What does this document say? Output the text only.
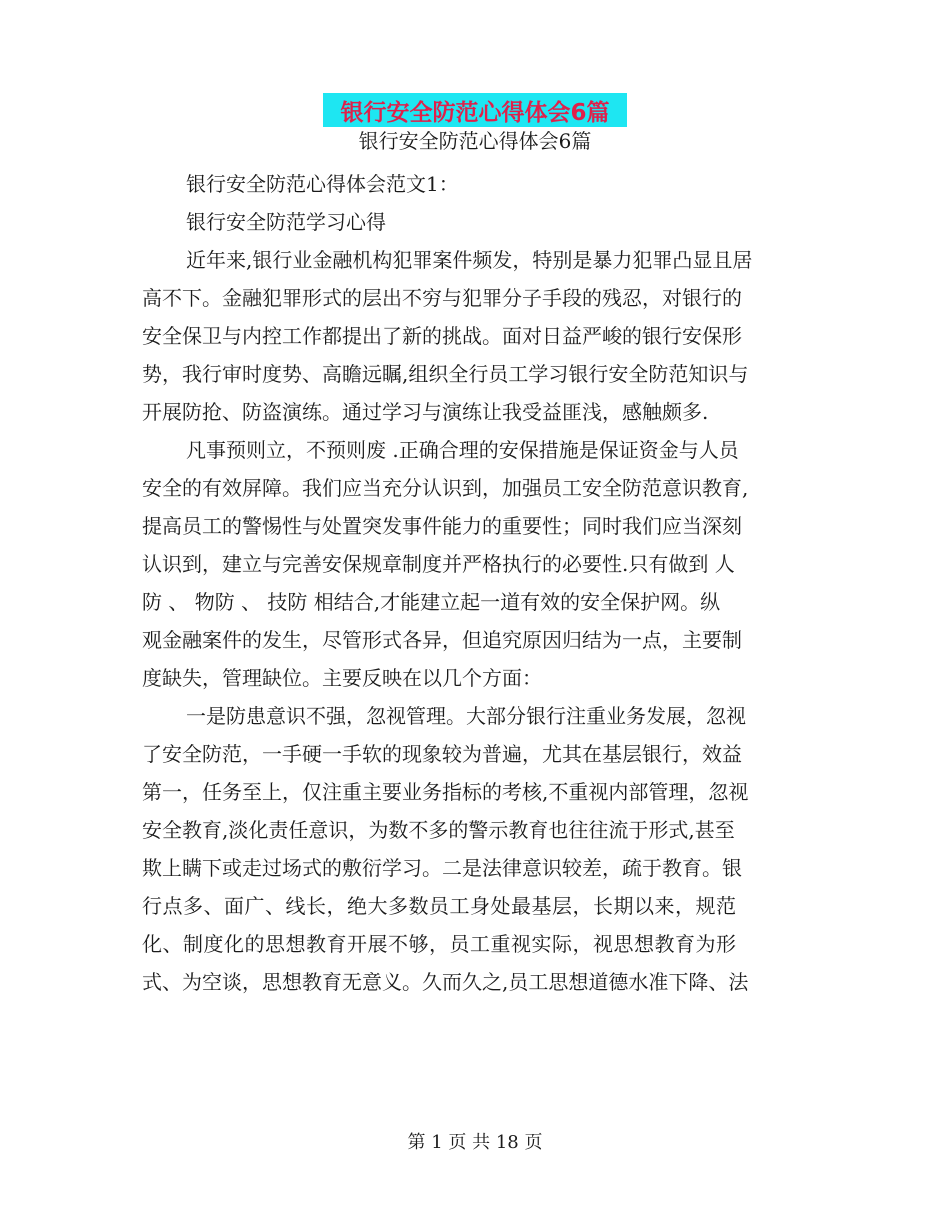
银行安全防范心得体会6篇
银行安全防范心得体会6篇
银行安全防范心得体会范文1：
银行安全防范学习心得
近年来,银行业金融机构犯罪案件频发，特别是暴力犯罪凸显且居
高不下。金融犯罪形式的层出不穷与犯罪分子手段的残忍，对银行的
安全保卫与内控工作都提出了新的挑战。面对日益严峻的银行安保形
势，我行审时度势、高瞻远瞩,组织全行员工学习银行安全防范知识与
开展防抢、防盗演练。通过学习与演练让我受益匪浅，感触颇多.
凡事预则立，不预则废 .正确合理的安保措施是保证资金与人员
安全的有效屏障。我们应当充分认识到，加强员工安全防范意识教育,
提高员工的警惕性与处置突发事件能力的重要性；同时我们应当深刻
认识到，建立与完善安保规章制度并严格执行的必要性.只有做到 人
防 、 物防 、 技防 相结合,才能建立起一道有效的安全保护网。纵
观金融案件的发生，尽管形式各异，但追究原因归结为一点，主要制
度缺失，管理缺位。主要反映在以几个方面：
一是防患意识不强，忽视管理。大部分银行注重业务发展，忽视
了安全防范，一手硬一手软的现象较为普遍，尤其在基层银行，效益
第一，任务至上，仅注重主要业务指标的考核,不重视内部管理，忽视
安全教育,淡化责任意识，为数不多的警示教育也往往流于形式,甚至
欺上瞒下或走过场式的敷衍学习。二是法律意识较差，疏于教育。银
行点多、面广、线长，绝大多数员工身处最基层，长期以来，规范
化、制度化的思想教育开展不够，员工重视实际，视思想教育为形
式、为空谈，思想教育无意义。久而久之,员工思想道德水准下降、法
第 1 页 共 18 页
